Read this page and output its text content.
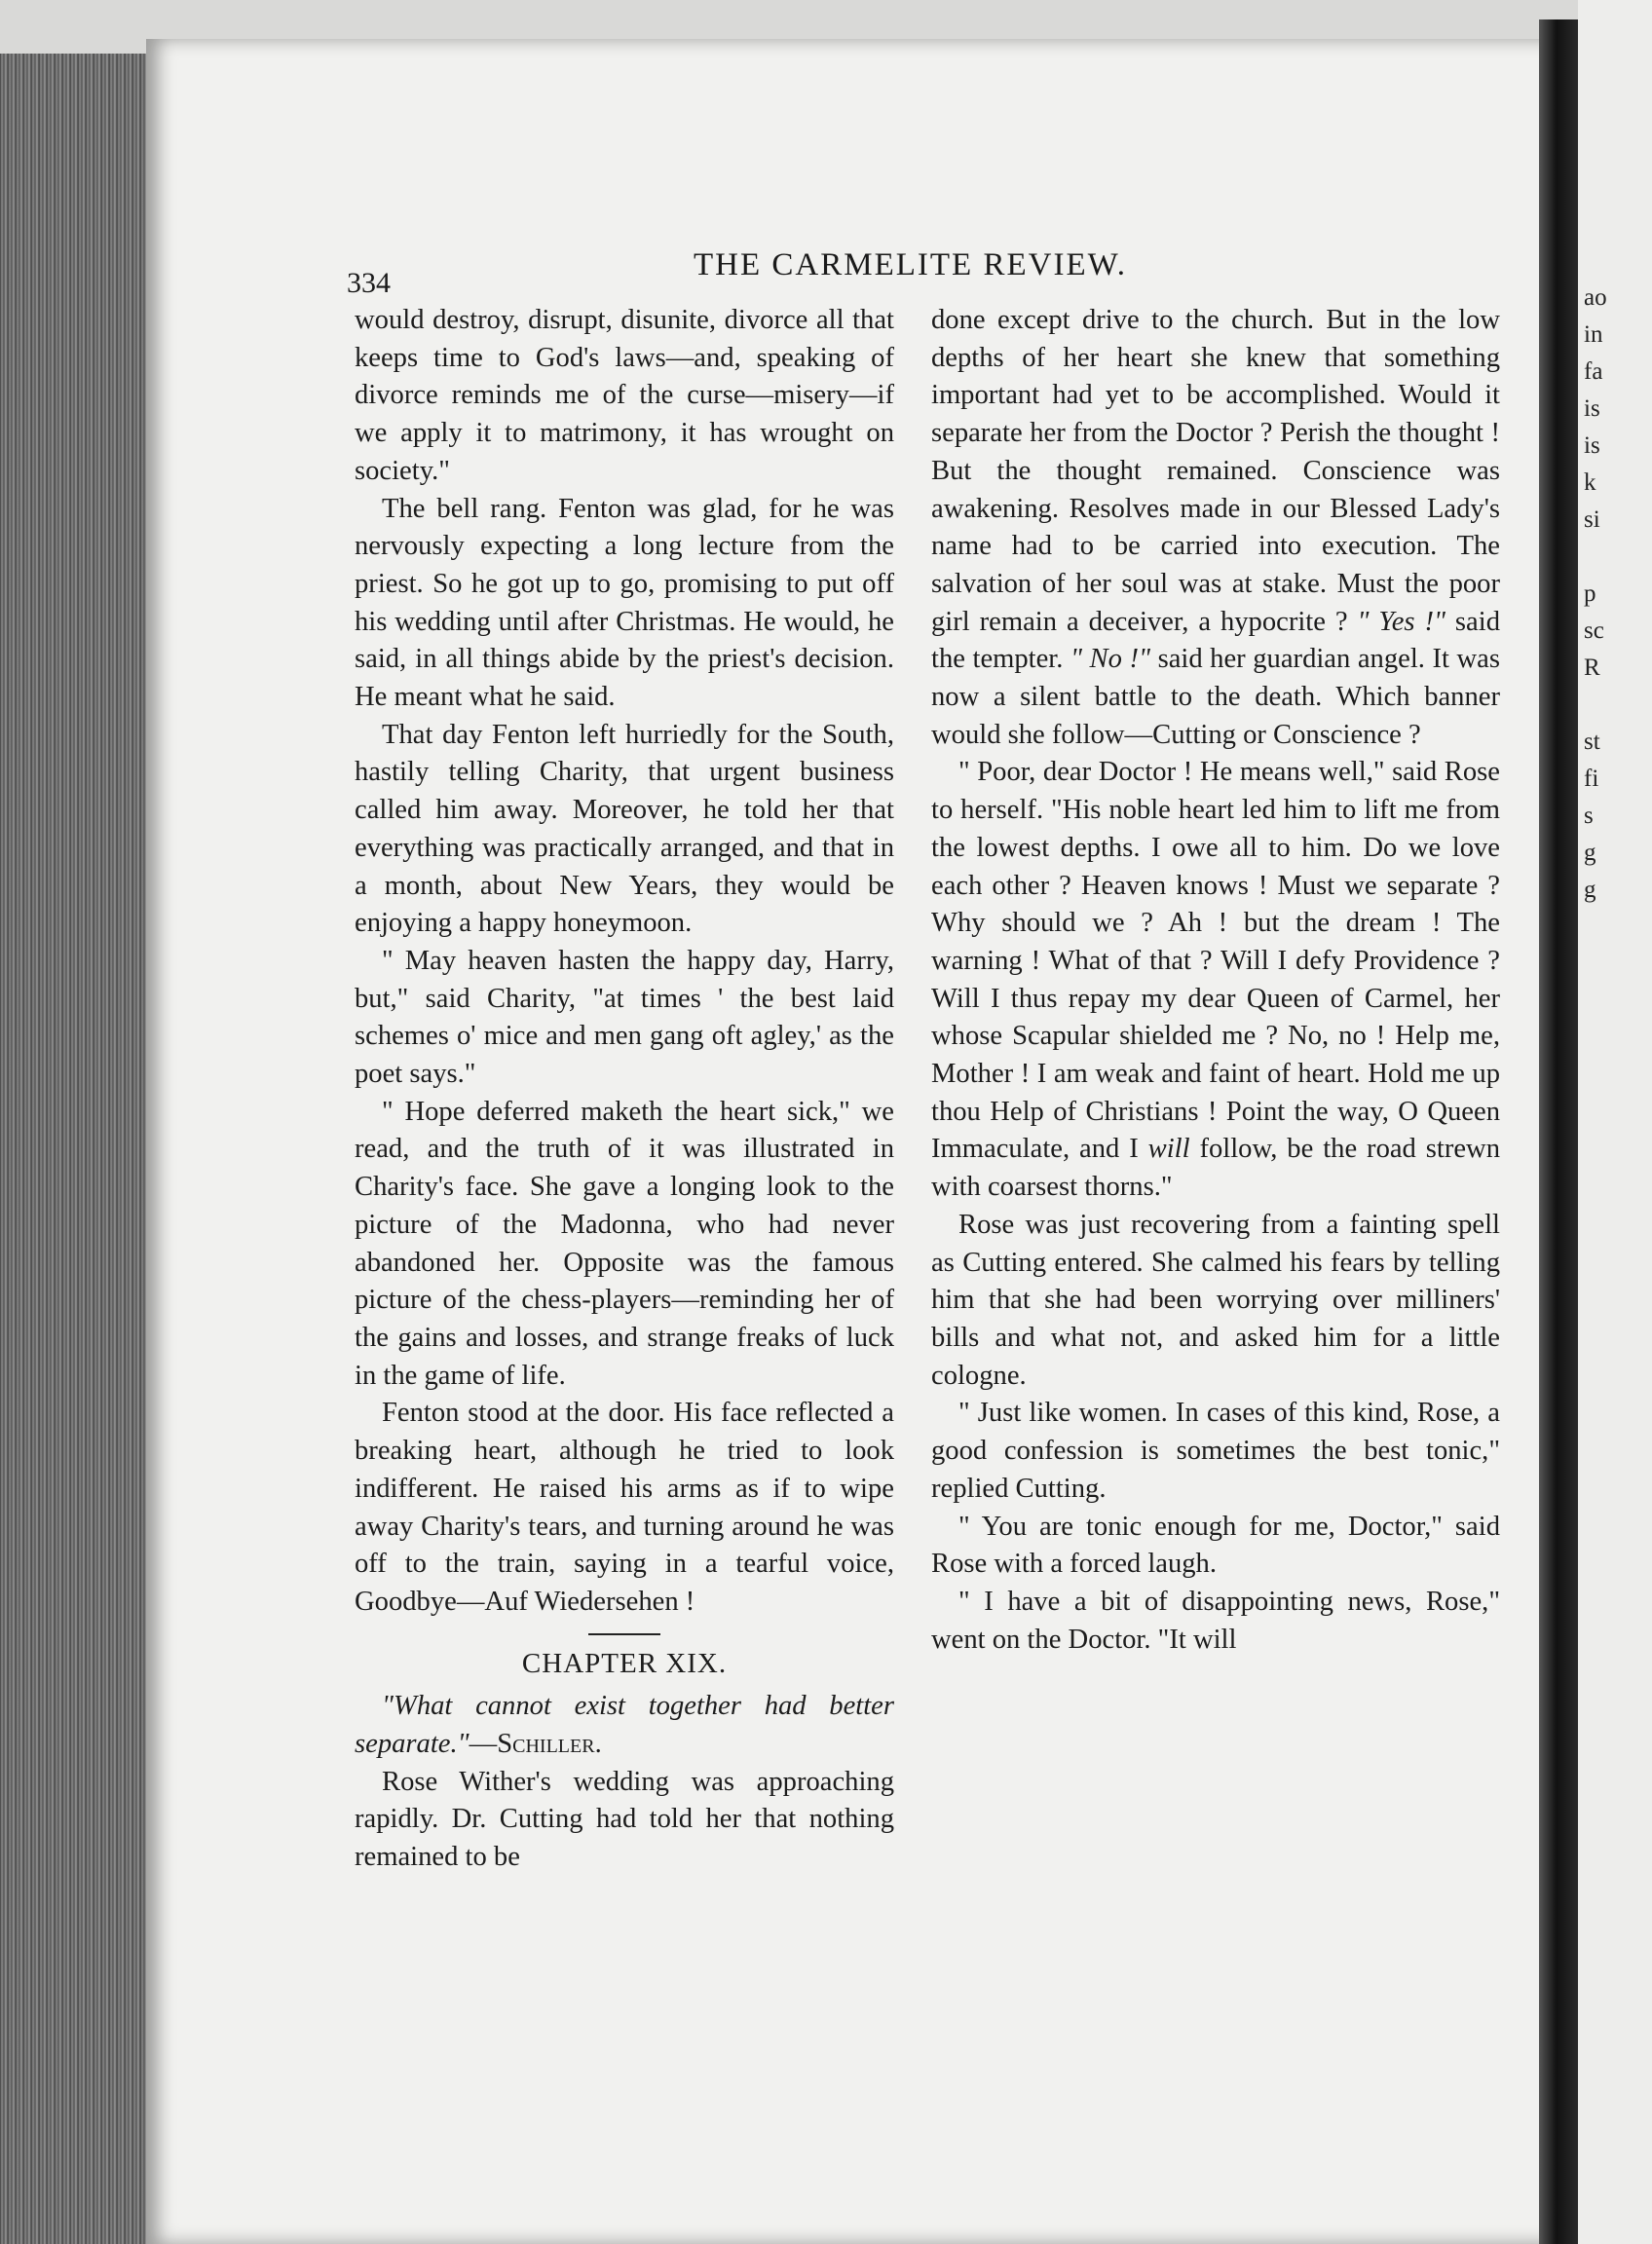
ao
in
fa
is
is
k
si
p
sc
R
st
fi
s
g
g
334
THE CARMELITE REVIEW.

would destroy, disrupt, disunite, divorce all that keeps time to God's laws—and, speaking of divorce reminds me of the curse—misery—if we apply it to matrimony, it has wrought on society."

The bell rang. Fenton was glad, for he was nervously expecting a long lecture from the priest. So he got up to go, promising to put off his wedding until after Christmas. He would, he said, in all things abide by the priest's decision. He meant what he said.

That day Fenton left hurriedly for the South, hastily telling Charity, that urgent business called him away. Moreover, he told her that everything was practically arranged, and that in a month, about New Years, they would be enjoying a happy honeymoon.

" May heaven hasten the happy day, Harry, but," said Charity, "at times ' the best laid schemes o' mice and men gang oft agley,' as the poet says."

" Hope deferred maketh the heart sick," we read, and the truth of it was illustrated in Charity's face. She gave a longing look to the picture of the Madonna, who had never abandoned her. Opposite was the famous picture of the chess-players—reminding her of the gains and losses, and strange freaks of luck in the game of life.

Fenton stood at the door. His face reflected a breaking heart, although he tried to look indifferent. He raised his arms as if to wipe away Charity's tears, and turning around he was off to the train, saying in a tearful voice, Goodbye—Auf Wiedersehen !

CHAPTER XIX.

"What cannot exist together had better separate."—Schiller.

Rose Wither's wedding was approaching rapidly. Dr. Cutting had told her that nothing remained to be

done except drive to the church. But in the low depths of her heart she knew that something important had yet to be accomplished. Would it separate her from the Doctor ? Perish the thought ! But the thought remained. Conscience was awakening. Resolves made in our Blessed Lady's name had to be carried into execution. The salvation of her soul was at stake. Must the poor girl remain a deceiver, a hypocrite ? " Yes !" said the tempter. " No !" said her guardian angel. It was now a silent battle to the death. Which banner would she follow—Cutting or Conscience ?

" Poor, dear Doctor ! He means well," said Rose to herself. "His noble heart led him to lift me from the lowest depths. I owe all to him. Do we love each other ? Heaven knows ! Must we separate ? Why should we ? Ah ! but the dream ! The warning ! What of that ? Will I defy Providence ? Will I thus repay my dear Queen of Carmel, her whose Scapular shielded me ? No, no ! Help me, Mother ! I am weak and faint of heart. Hold me up thou Help of Christians ! Point the way, O Queen Immaculate, and I will follow, be the road strewn with coarsest thorns."

Rose was just recovering from a fainting spell as Cutting entered. She calmed his fears by telling him that she had been worrying over milliners' bills and what not, and asked him for a little cologne.

" Just like women. In cases of this kind, Rose, a good confession is sometimes the best tonic," replied Cutting.

" You are tonic enough for me, Doctor," said Rose with a forced laugh.

" I have a bit of disappointing news, Rose," went on the Doctor. "It will
